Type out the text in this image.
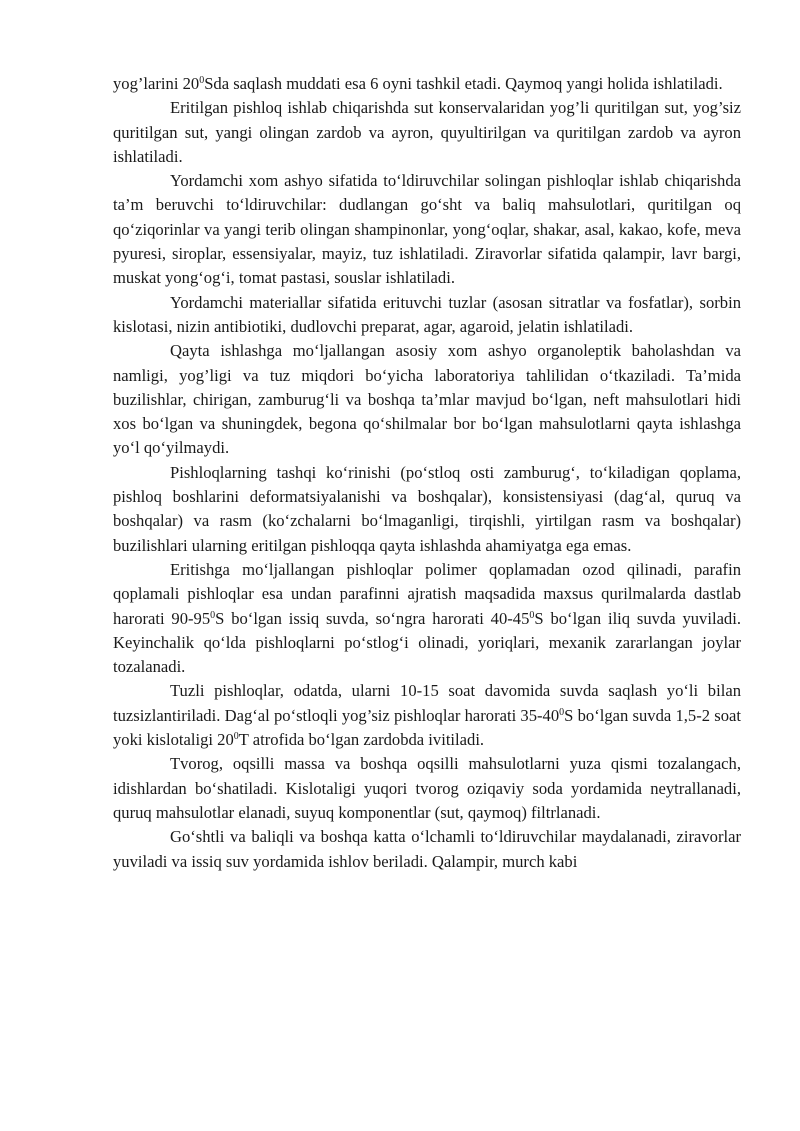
yog’larini $20^0Sda$ saqlash muddati esa 6 oyni tashkil etadi. Qaymoq yangi holida ishlatiladi.

Eritilgan pishloq ishlab chiqarishda sut konservalaridan yog’li quritilgan sut, yog’siz quritilgan sut, yangi olingan zardob va ayron, quyultirilgan va quritilgan zardob va ayron ishlatiladi.

Yordamchi xom ashyo sifatida to‘ldiruvchilar solingan pishloqlar ishlab chiqarishda ta’m beruvchi to‘ldiruvchilar: dudlangan go‘sht va baliq mahsulotlari, quritilgan oq qo‘ziqorinlar va yangi terib olingan shampinonlar, yong‘oqlar, shakar, asal, kakao, kofe, meva pyuresi, siroplar, essensiyalar, mayiz, tuz ishlatiladi. Ziravorlar sifatida qalampir, lavr bargi, muskat yong‘og‘i, tomat pastasi, souslar ishlatiladi.

Yordamchi materiallar sifatida erituvchi tuzlar (asosan sitratlar va fosfatlar), sorbin kislotasi, nizin antibiotiki, dudlovchi preparat, agar, agaroid, jelatin ishlatiladi.

Qayta ishlashga mo‘ljallangan asosiy xom ashyo organoleptik baholashdan va namligi, yog’ligi va tuz miqdori bo‘yicha laboratoriya tahlilidan o‘tkaziladi. Ta’mida buzilishlar, chirigan, zamburug‘li va boshqa ta’mlar mavjud bo‘lgan, neft mahsulotlari hidi xos bo‘lgan va shuningdek, begona qo‘shilmalar bor bo‘lgan mahsulotlarni qayta ishlashga yo‘l qo‘yilmaydi.

Pishloqlarning tashqi ko‘rinishi (po‘stloq osti zamburug‘, to‘kiladigan qoplama, pishloq boshlarini deformatsiyalanishi va boshqalar), konsistensiyasi (dag‘al, quruq va boshqalar) va rasm (ko‘zchalarni bo‘lmaganligi, tirqishli, yirtilgan rasm va boshqalar) buzilishlari ularning eritilgan pishloqqa qayta ishlashda ahamiyatga ega emas.

Eritishga mo‘ljallangan pishloqlar polimer qoplamadan ozod qilinadi, parafin qoplamali pishloqlar esa undan parafinni ajratish maqsadida maxsus qurilmalarda dastlab harorati $90-95^0S$ bo‘lgan issiq suvda, so‘ngra harorati $40-45^0S$ bo‘lgan iliq suvda yuviladi. Keyinchalik qo‘lda pishloqlarni po‘stlog‘i olinadi, yoriqlari, mexanik zararlangan joylar tozalanadi.

Tuzli pishloqlar, odatda, ularni 10-15 soat davomida suvda saqlash yo‘li bilan tuzsizlantiriladi. Dag‘al po‘stloqli yog’siz pishloqlar harorati $35-40^0S$ bo‘lgan suvda 1,5-2 soat yoki kislotaligi $20^0T$ atrofida bo‘lgan zardobda ivitiladi.

Tvorog, oqsilli massa va boshqa oqsilli mahsulotlarni yuza qismi tozalangach, idishlardan bo‘shatiladi. Kislotaligi yuqori tvorog oziqaviy soda yordamida neytrallanadi, quruq mahsulotlar elanadi, suyuq komponentlar (sut, qaymoq) filtrlanadi.

Go‘shtli va baliqli va boshqa katta o‘lchamli to‘ldiruvchilar maydalanadi, ziravorlar yuviladi va issiq suv yordamida ishlov beriladi. Qalampir, murch kabi
